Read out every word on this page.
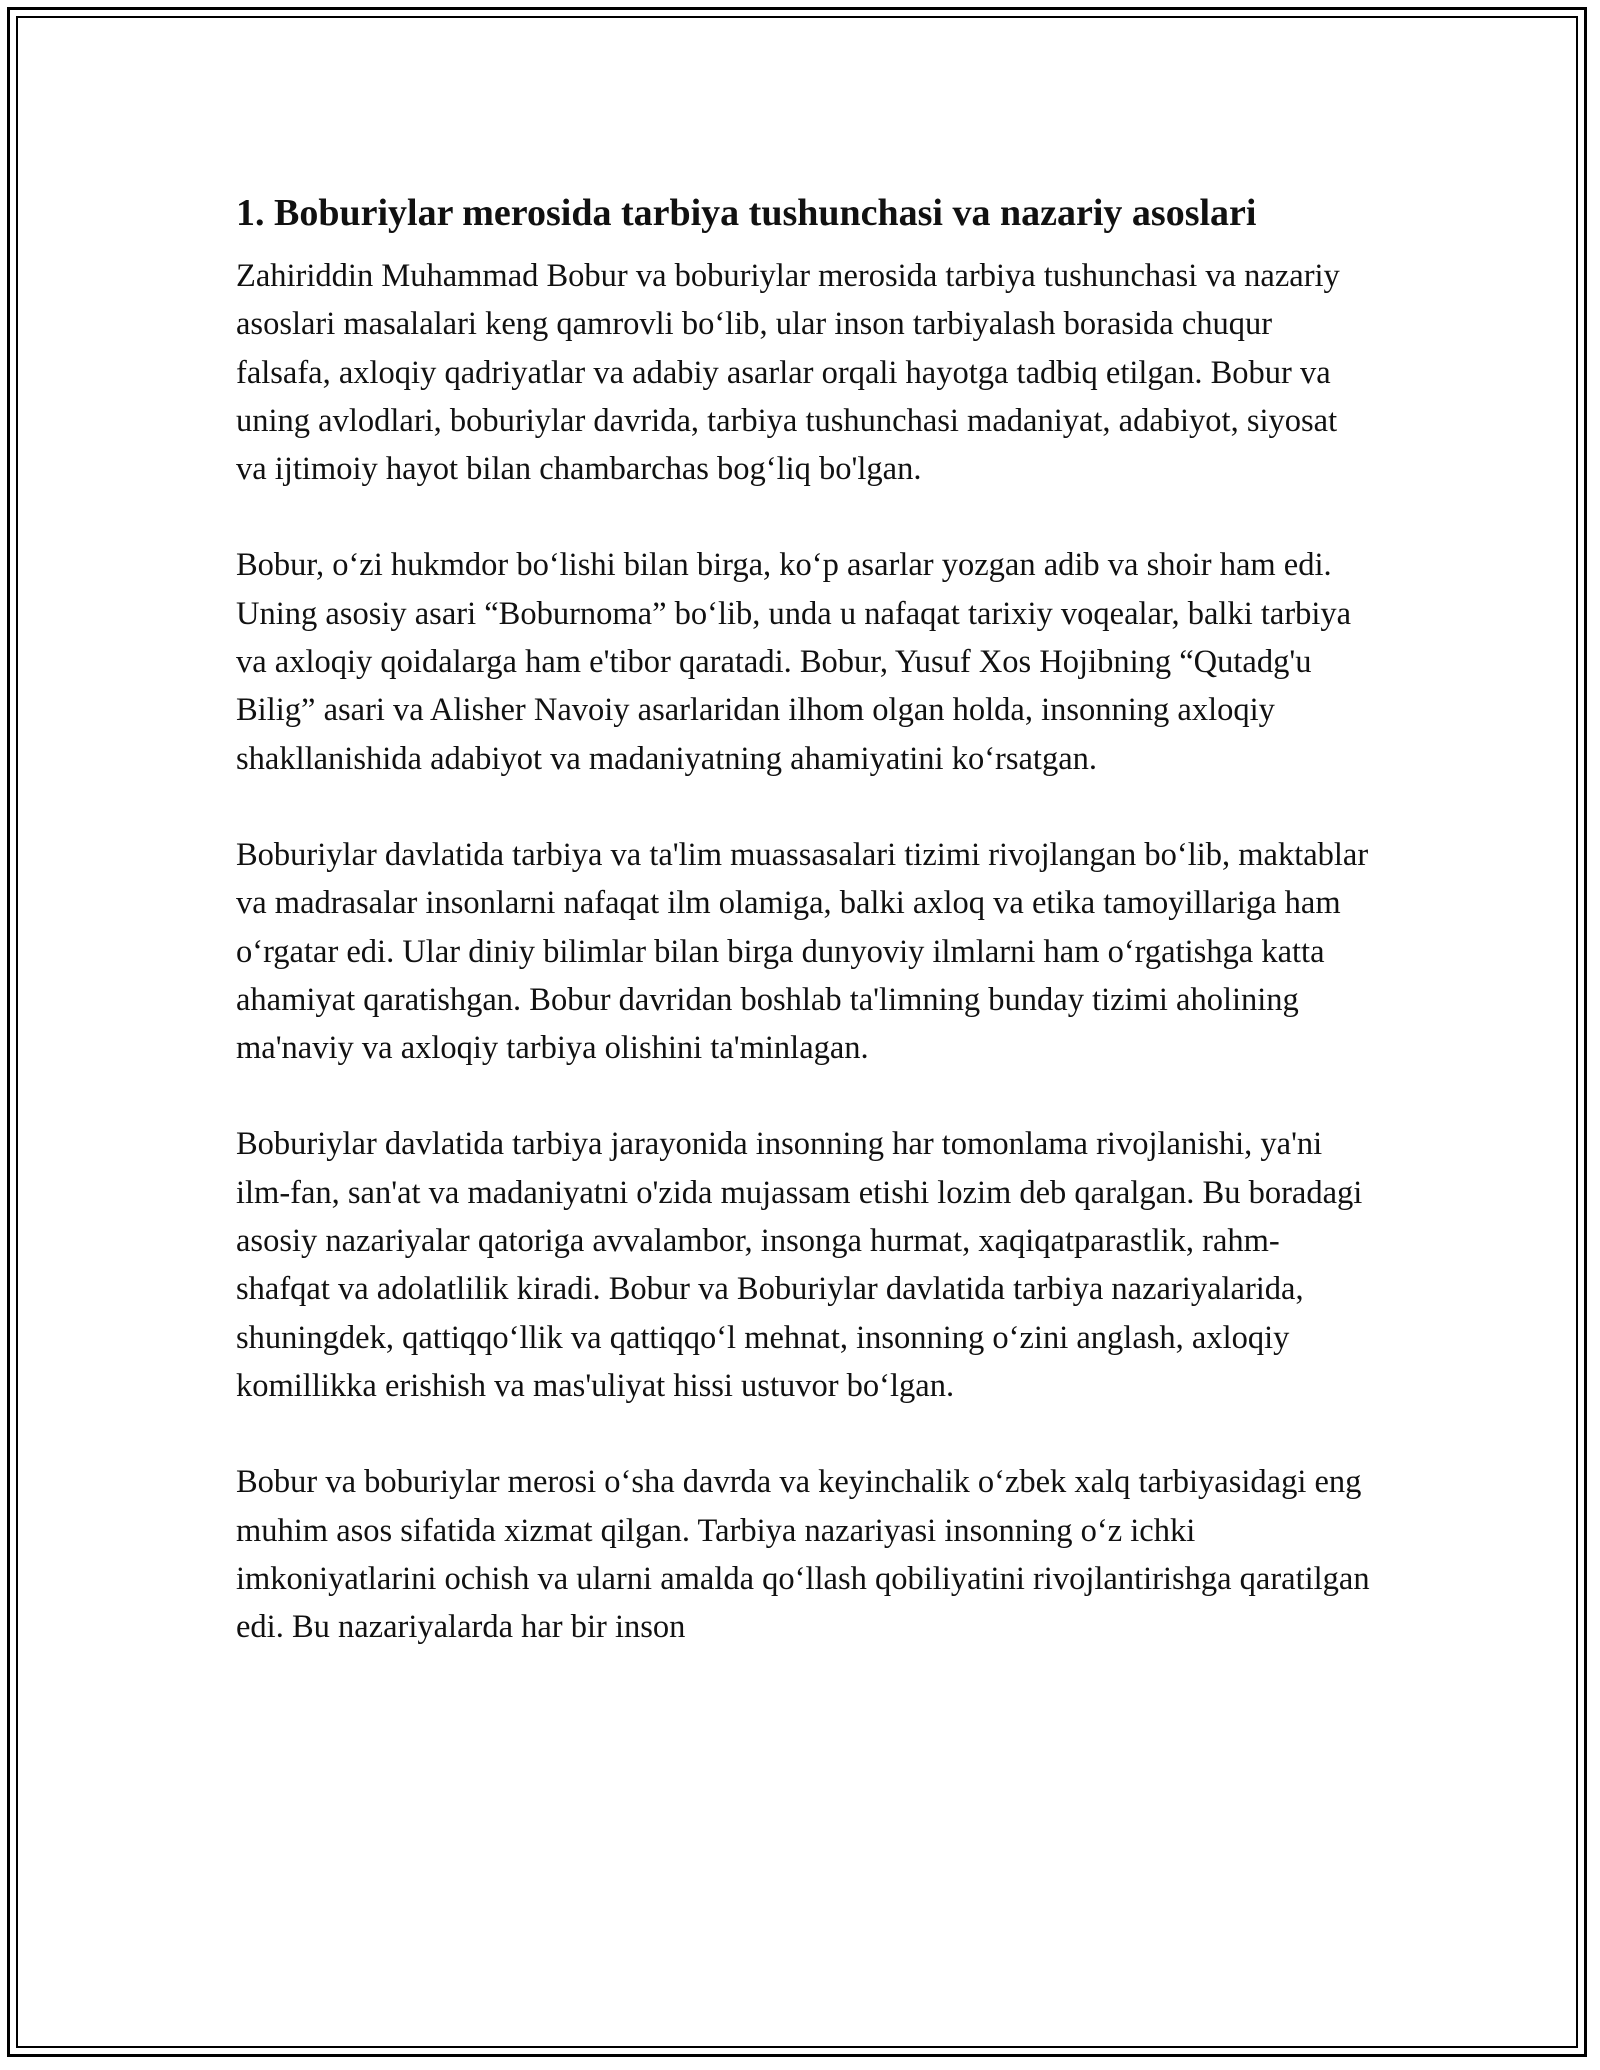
1. Boburiylar merosida tarbiya tushunchasi va nazariy asoslari

Zahiriddin Muhammad Bobur va boburiylar merosida tarbiya tushunchasi va nazariy asoslari masalalari keng qamrovli bo‘lib, ular inson tarbiyalash borasida chuqur falsafa, axloqiy qadriyatlar va adabiy asarlar orqali hayotga tadbiq etilgan. Bobur va uning avlodlari, boburiylar davrida, tarbiya tushunchasi madaniyat, adabiyot, siyosat va ijtimoiy hayot bilan chambarchas bog‘liq bo'lgan.

Bobur, o‘zi hukmdor bo‘lishi bilan birga, ko‘p asarlar yozgan adib va shoir ham edi. Uning asosiy asari “Boburnoma” bo‘lib, unda u nafaqat tarixiy voqealar, balki tarbiya va axloqiy qoidalarga ham e'tibor qaratadi. Bobur, Yusuf Xos Hojibning “Qutadg'u Bilig” asari va Alisher Navoiy asarlaridan ilhom olgan holda, insonning axloqiy shakllanishida adabiyot va madaniyatning ahamiyatini ko‘rsatgan.

Boburiylar davlatida tarbiya va ta'lim muassasalari tizimi rivojlangan bo‘lib, maktablar va madrasalar insonlarni nafaqat ilm olamiga, balki axloq va etika tamoyillariga ham o‘rgatar edi. Ular diniy bilimlar bilan birga dunyoviy ilmlarni ham o‘rgatishga katta ahamiyat qaratishgan. Bobur davridan boshlab ta'limning bunday tizimi aholining ma'naviy va axloqiy tarbiya olishini ta'minlagan.

Boburiylar davlatida tarbiya jarayonida insonning har tomonlama rivojlanishi, ya'ni ilm-fan, san'at va madaniyatni o'zida mujassam etishi lozim deb qaralgan. Bu boradagi asosiy nazariyalar qatoriga avvalambor, insonga hurmat, xaqiqatparastlik, rahm-shafqat va adolatlilik kiradi. Bobur va Boburiylar davlatida tarbiya nazariyalarida, shuningdek, qattiqqo‘llik va qattiqqo‘l mehnat, insonning o‘zini anglash, axloqiy komillikka erishish va mas'uliyat hissi ustuvor bo‘lgan.

Bobur va boburiylar merosi o‘sha davrda va keyinchalik o‘zbek xalq tarbiyasidagi eng muhim asos sifatida xizmat qilgan. Tarbiya nazariyasi insonning o‘z ichki imkoniyatlarini ochish va ularni amalda qo‘llash qobiliyatini rivojlantirishga qaratilgan edi. Bu nazariyalarda har bir inson
